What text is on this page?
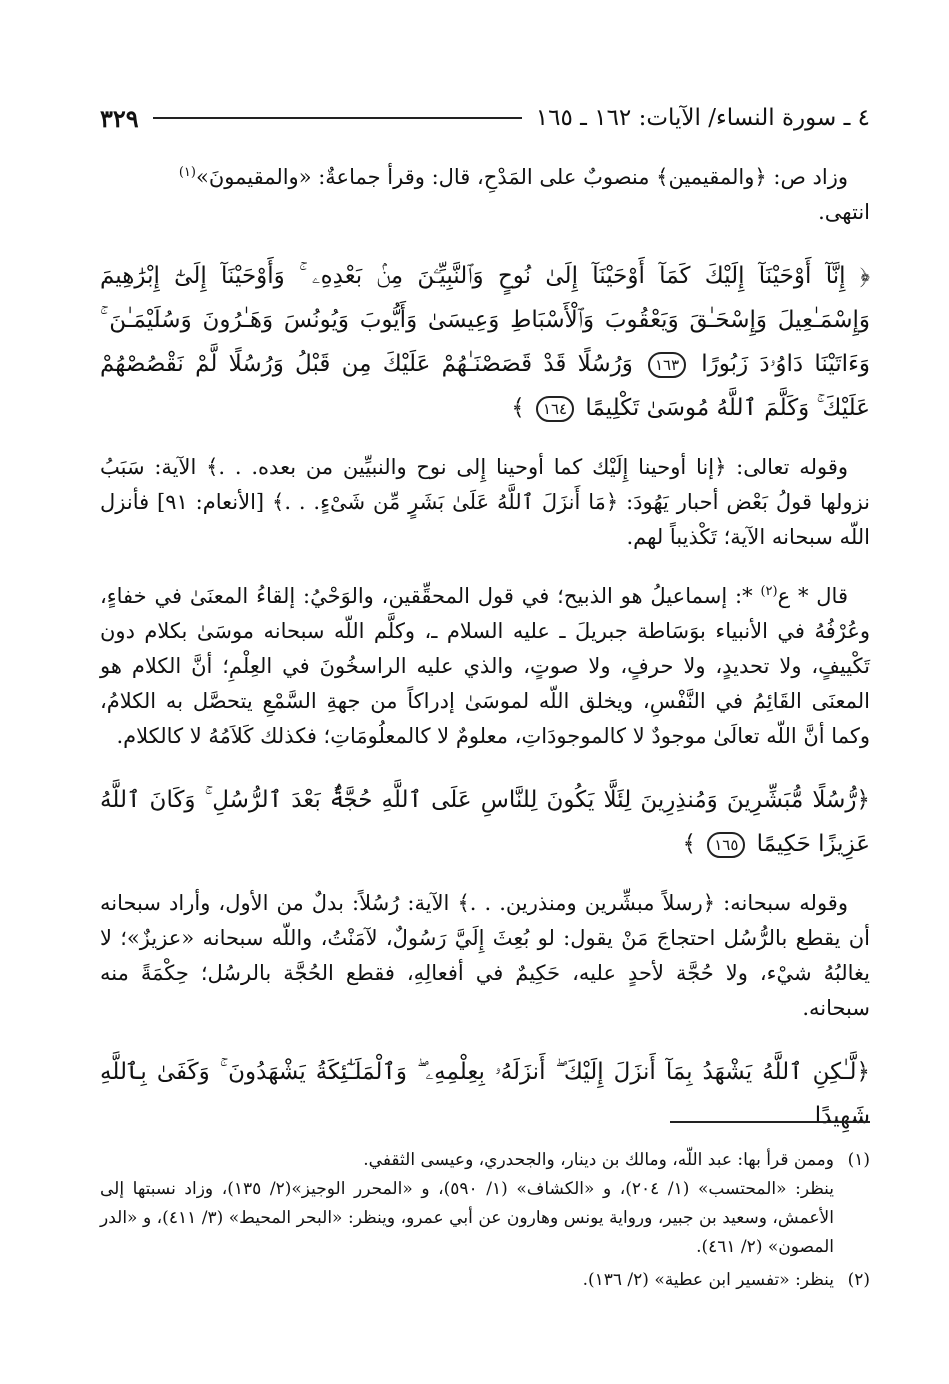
٤ ـ سورة النساء/ الآيات: ١٦٢ ـ ١٦٥
٣٢٩

وزاد ص: ﴿والمقيمين﴾ منصوبٌ على المَدْحِ، قال: وقرأ جماعةٌ: «والمقيمونَ»$^{(١)}$
انتهى.

﴿ إِنَّآ أَوْحَيْنَآ إِلَيْكَ كَمَآ أَوْحَيْنَآ إِلَىٰ نُوحٍ وَٱلنَّبِيِّـۧنَ مِنۢ بَعْدِهِۦ ۚ وَأَوْحَيْنَآ إِلَىٰٓ إِبْرَٰهِيمَ وَإِسْمَـٰعِيلَ وَإِسْحَـٰقَ وَيَعْقُوبَ وَٱلْأَسْبَاطِ وَعِيسَىٰ وَأَيُّوبَ وَيُونُسَ وَهَـٰرُونَ وَسُلَيْمَـٰنَ ۚ وَءَاتَيْنَا دَاوُۥدَ زَبُورًا ١٦٣ وَرُسُلًا قَدْ قَصَصْنَـٰهُمْ عَلَيْكَ مِن قَبْلُ وَرُسُلًا لَّمْ نَقْصُصْهُمْ عَلَيْكَ ۚ وَكَلَّمَ ٱللَّهُ مُوسَىٰ تَكْلِيمًا ١٦٤ ﴾

وقوله تعالى: ﴿إنا أوحينا إِلَيْك كما أوحينا إِلى نوح والنبيِّين من بعده. . .﴾ الآية: سَبَبُ نزولها قولُ بَعْض أحبار يَهُودَ: ﴿مَا أَنزَلَ ٱللَّهُ عَلَىٰ بَشَرٍ مِّن شَىْءٍ. . .﴾ [الأنعام: ٩١] فأنزل اللّه سبحانه الآية؛ تَكْذيباً لهم.

قال * ع$^{(٢)}$ *: إسماعيلُ هو الذبيح؛ في قول المحقِّقين، والوَحْيُ: إلقاءُ المعنَىٰ في خفاءٍ، وعُرْفُهُ في الأنبياء بوَسَاطة جبريلَ ـ عليه السلام ـ، وكلَّم اللّه سبحانه موسَىٰ بكلام دون تَكْييفٍ، ولا تحديدٍ، ولا حرفٍ، ولا صوتٍ، والذي عليه الراسخُونَ في العِلْمِ؛ أنَّ الكلام هو المعنَى القَائِمُ في النَّفْسِ، ويخلق اللّه لموسَىٰ إدراكاً من جهةِ السَّمْعِ يتحصَّل به الكلامُ، وكما أنَّ اللّه تعالَىٰ موجودٌ لا كالموجودَاتِ، معلومٌ لا كالمعلُومَاتِ؛ فكذلك كَلاَمُهُ لا كالكلام.

﴿رُّسُلًا مُّبَشِّرِينَ وَمُنذِرِينَ لِئَلَّا يَكُونَ لِلنَّاسِ عَلَى ٱللَّهِ حُجَّةٌۢ بَعْدَ ٱلرُّسُلِ ۚ وَكَانَ ٱللَّهُ عَزِيزًا حَكِيمًا ١٦٥ ﴾

وقوله سبحانه: ﴿رسلاً مبشِّرين ومنذرين. . .﴾ الآية: رُسُلاً: بدلٌ من الأول، وأراد سبحانه أن يقطع بالرُّسُل احتجاجَ مَنْ يقول: لو بُعِثَ إِلَيَّ رَسُولٌ، لآمَنْتُ، واللّه سبحانه «عزيزٌ»؛ لا يغالبُهُ شيْء، ولا حُجَّة لأحدٍ عليه، حَكِيمٌ في أفعالِهِ، فقطع الحُجَّة بالرسُل؛ حِكْمَةً منه سبحانه.

﴿لَّـٰكِنِ ٱللَّهُ يَشْهَدُ بِمَآ أَنزَلَ إِلَيْكَ ۖ أَنزَلَهُۥ بِعِلْمِهِۦ ۖ وَٱلْمَلَـٰٓئِكَةُ يَشْهَدُونَ ۚ وَكَفَىٰ بِٱللَّهِ شَهِيدًا

(١)
وممن قرأ بها: عبد اللّه، ومالك بن دينار، والجحدري، وعيسى الثقفي.
ينظر: «المحتسب» (١/ ٢٠٤)، و «الكشاف» (١/ ٥٩٠)، و «المحرر الوجيز»(٢/ ١٣٥)، وزاد نسبتها إلى الأعمش، وسعيد بن جبير، ورواية يونس وهارون عن أبي عمرو، وينظر: «البحر المحيط» (٣/ ٤١١)، و «الدر المصون» (٢/ ٤٦١).
(٢)
ينظر: «تفسير ابن عطية» (٢/ ١٣٦).
